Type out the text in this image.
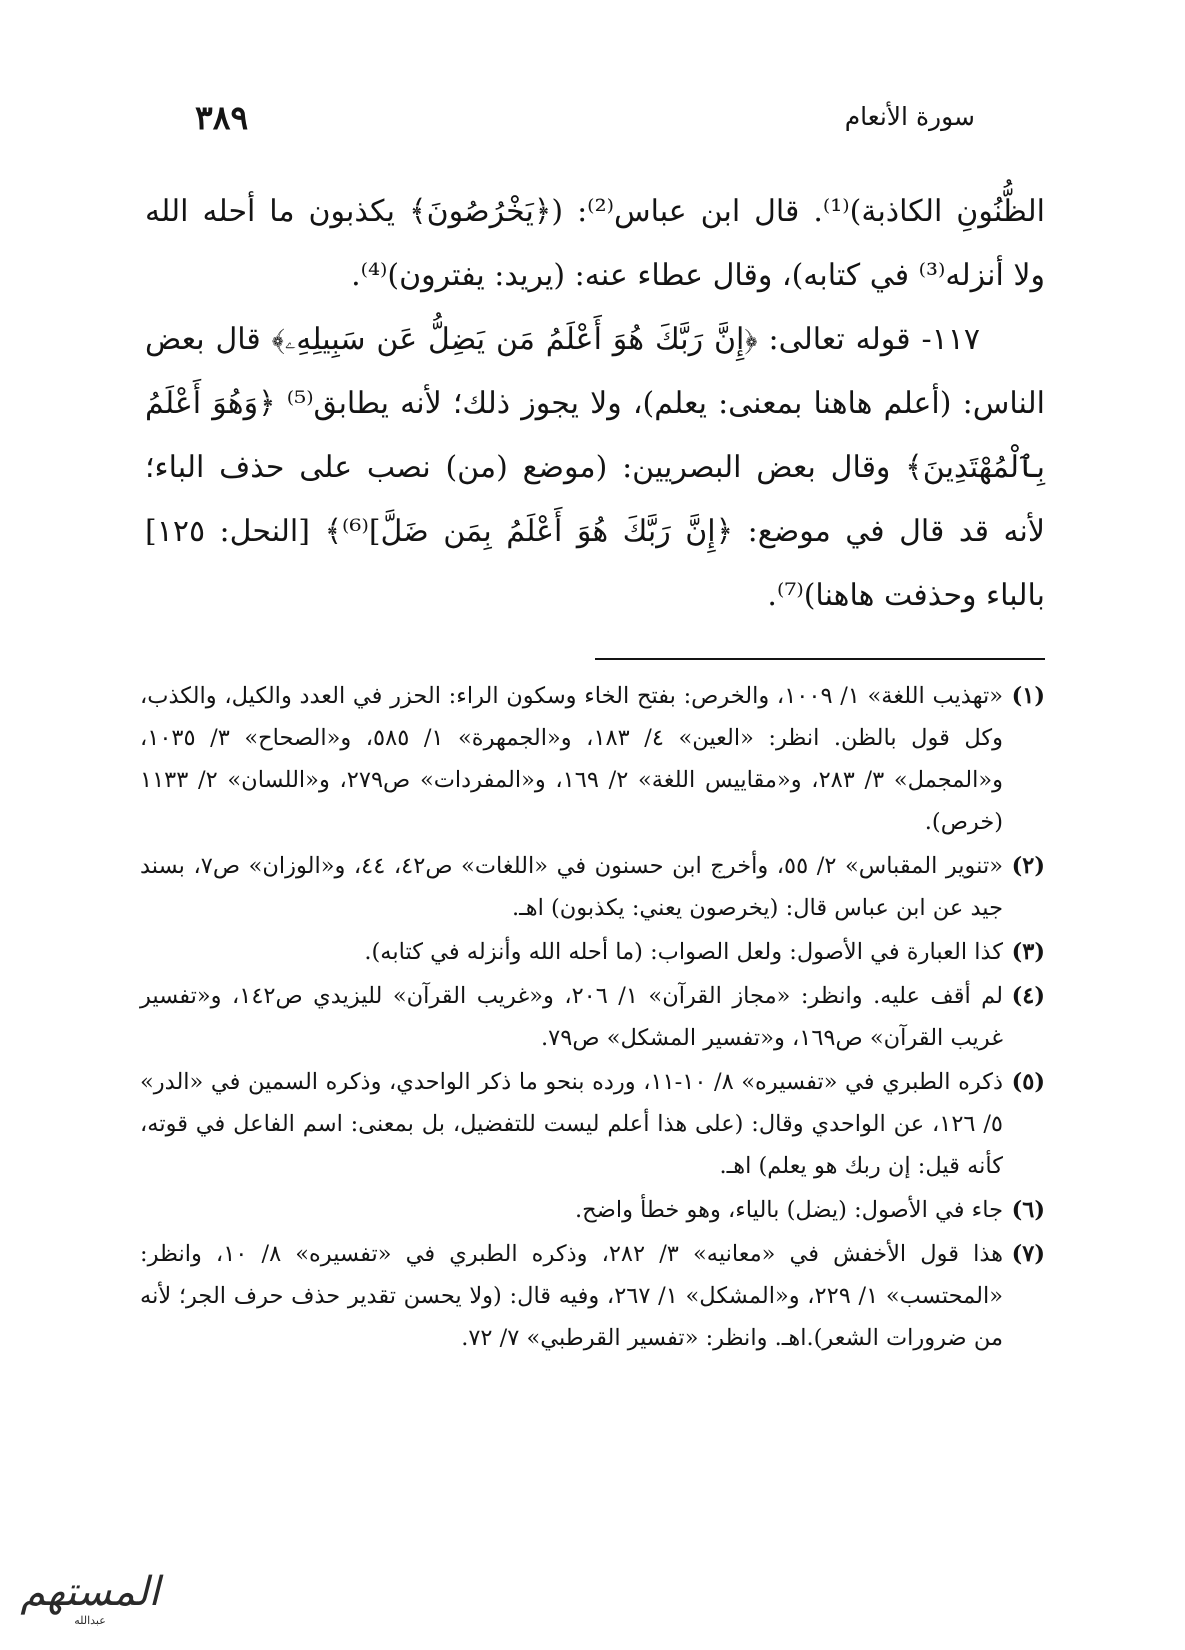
سورة الأنعام
٣٨٩

الظُّنُونِ الكاذبة)⁽¹⁾. قال ابن عباس⁽²⁾: (﴿يَخْرُصُونَ﴾ يكذبون ما أحله الله ولا أنزله⁽³⁾ في كتابه)، وقال عطاء عنه: (يريد: يفترون)⁽⁴⁾.

١١٧- قوله تعالى: ﴿إِنَّ رَبَّكَ هُوَ أَعْلَمُ مَن يَضِلُّ عَن سَبِيلِهِۦ﴾ قال بعض الناس: (أعلم هاهنا بمعنى: يعلم)، ولا يجوز ذلك؛ لأنه يطابق⁽⁵⁾ ﴿وَهُوَ أَعْلَمُ بِٱلْمُهْتَدِينَ﴾ وقال بعض البصريين: (موضع (من) نصب على حذف الباء؛ لأنه قد قال في موضع: ﴿إِنَّ رَبَّكَ هُوَ أَعْلَمُ بِمَن ضَلَّ]⁽⁶⁾﴾ [النحل: ١٢٥] بالباء وحذفت هاهنا)⁽⁷⁾.

(١)
«تهذيب اللغة» ١/ ١٠٠٩، والخرص: بفتح الخاء وسكون الراء: الحزر في العدد والكيل، والكذب، وكل قول بالظن. انظر: «العين» ٤/ ١٨٣، و«الجمهرة» ١/ ٥٨٥، و«الصحاح» ٣/ ١٠٣٥، و«المجمل» ٣/ ٢٨٣، و«مقاييس اللغة» ٢/ ١٦٩، و«المفردات» ص٢٧٩، و«اللسان» ٢/ ١١٣٣ (خرص).
(٢)
«تنوير المقباس» ٢/ ٥٥، وأخرج ابن حسنون في «اللغات» ص٤٢، ٤٤، و«الوزان» ص٧، بسند جيد عن ابن عباس قال: (يخرصون يعني: يكذبون) اهـ.
(٣)
كذا العبارة في الأصول: ولعل الصواب: (ما أحله الله وأنزله في كتابه).
(٤)
لم أقف عليه. وانظر: «مجاز القرآن» ١/ ٢٠٦، و«غريب القرآن» لليزيدي ص١٤٢، و«تفسير غريب القرآن» ص١٦٩، و«تفسير المشكل» ص٧٩.
(٥)
ذكره الطبري في «تفسيره» ٨/ ١٠-١١، ورده بنحو ما ذكر الواحدي، وذكره السمين في «الدر» ٥/ ١٢٦، عن الواحدي وقال: (على هذا أعلم ليست للتفضيل، بل بمعنى: اسم الفاعل في قوته، كأنه قيل: إن ربك هو يعلم) اهـ.
(٦)
جاء في الأصول: (يضل) بالياء، وهو خطأ واضح.
(٧)
هذا قول الأخفش في «معانيه» ٣/ ٢٨٢، وذكره الطبري في «تفسيره» ٨/ ١٠، وانظر: «المحتسب» ١/ ٢٢٩، و«المشكل» ١/ ٢٦٧، وفيه قال: (ولا يحسن تقدير حذف حرف الجر؛ لأنه من ضرورات الشعر).اهـ. وانظر: «تفسير القرطبي» ٧/ ٧٢.
المستهم
عبدالله
